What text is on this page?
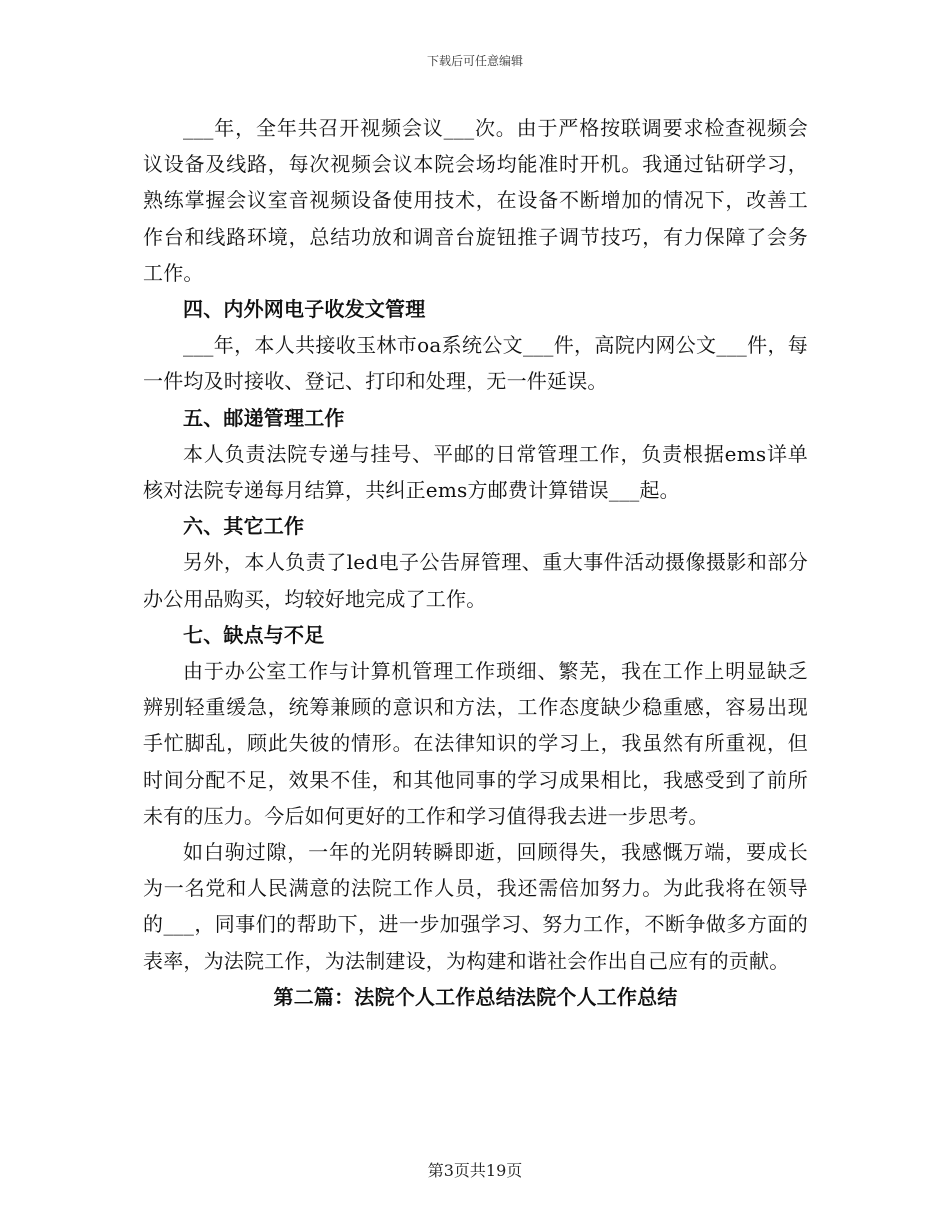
下载后可任意编辑

___年，全年共召开视频会议___次。由于严格按联调要求检查视频会议设备及线路，每次视频会议本院会场均能准时开机。我通过钻研学习，熟练掌握会议室音视频设备使用技术，在设备不断增加的情况下，改善工作台和线路环境，总结功放和调音台旋钮推子调节技巧，有力保障了会务工作。

四、内外网电子收发文管理

___年，本人共接收玉林市oa系统公文___件，高院内网公文___件，每一件均及时接收、登记、打印和处理，无一件延误。

五、邮递管理工作

本人负责法院专递与挂号、平邮的日常管理工作，负责根据ems详单核对法院专递每月结算，共纠正ems方邮费计算错误___起。

六、其它工作

另外，本人负责了led电子公告屏管理、重大事件活动摄像摄影和部分办公用品购买，均较好地完成了工作。

七、缺点与不足

由于办公室工作与计算机管理工作琐细、繁芜，我在工作上明显缺乏辨别轻重缓急，统筹兼顾的意识和方法，工作态度缺少稳重感，容易出现手忙脚乱，顾此失彼的情形。在法律知识的学习上，我虽然有所重视，但时间分配不足，效果不佳，和其他同事的学习成果相比，我感受到了前所未有的压力。今后如何更好的工作和学习值得我去进一步思考。

如白驹过隙，一年的光阴转瞬即逝，回顾得失，我感慨万端，要成长为一名党和人民满意的法院工作人员，我还需倍加努力。为此我将在领导的___，同事们的帮助下，进一步加强学习、努力工作，不断争做多方面的表率，为法院工作，为法制建设，为构建和谐社会作出自己应有的贡献。

第二篇：法院个人工作总结法院个人工作总结

第3页共19页
